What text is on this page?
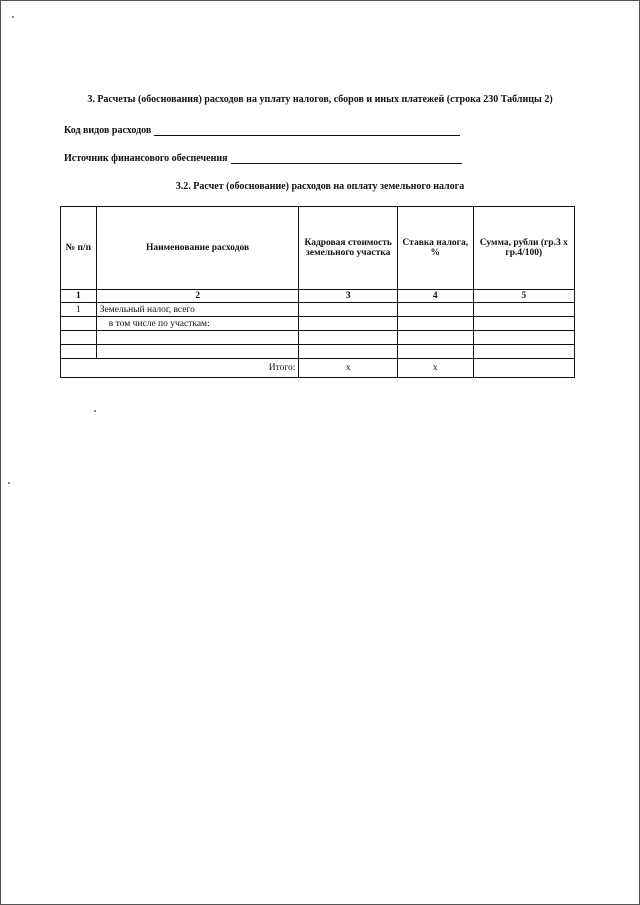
3. Расчеты (обоснования) расходов на уплату налогов, сборов и иных платежей (строка 230 Таблицы 2)
Код видов расходов
Источник финансового обеспечения
3.2. Расчет (обоснование) расходов на оплату земельного налога
№ п/п	Наименование расходов	Кадровая стоимость земельного участка	Ставка налога, %	Сумма, рубли (гр.3 х гр.4/100)
1	2	3	4	5
1	Земельный налог, всего			
	в том числе по участкам:			

Итого:		х	х	
